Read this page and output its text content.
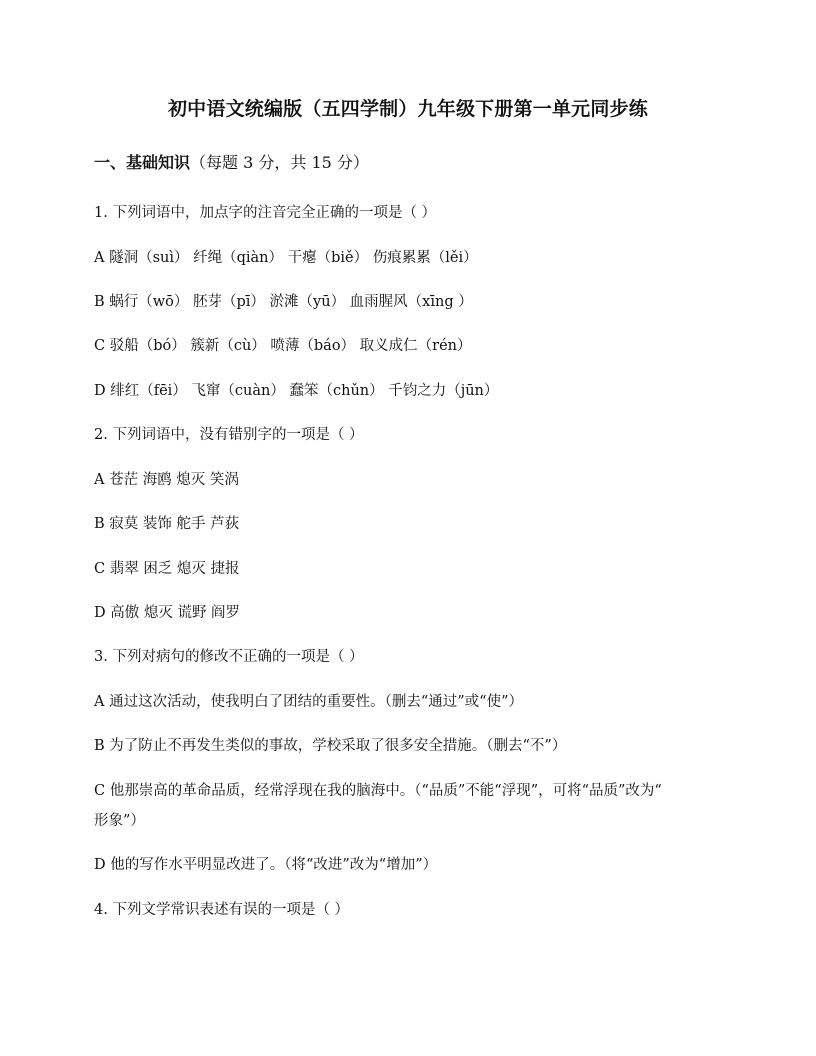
初中语文统编版（五四学制）九年级下册第一单元同步练
一、基础知识（每题 3 分，共 15 分）
1. 下列词语中，加点字的注音完全正确的一项是（ ）
A 隧洞（suì） 纤绳（qiàn） 干瘪（biě） 伤痕累累（lěi）
B 蜗行（wō） 胚芽（pī） 淤滩（yū） 血雨腥风（xīng ）
C 驳船（bó） 簇新（cù） 喷薄（báo） 取义成仁（rén）
D 绯红（fēi） 飞窜（cuàn） 蠢笨（chǔn） 千钧之力（jūn）
2. 下列词语中，没有错别字的一项是（ ）
A 苍茫 海鸥 熄灭 笑涡
B 寂莫 装饰 舵手 芦荻
C 翡翠 困乏 熄灭 捷报
D 高傲 熄灭 谎野 阎罗
3. 下列对病句的修改不正确的一项是（ ）
A 通过这次活动，使我明白了团结的重要性。（删去“通过”或“使”）
B 为了防止不再发生类似的事故，学校采取了很多安全措施。（删去“不”）
C 他那崇高的革命品质，经常浮现在我的脑海中。（“品质”不能“浮现”，可将“品质”改为“
形象”）
D 他的写作水平明显改进了。（将“改进”改为“增加”）
4. 下列文学常识表述有误的一项是（ ）
